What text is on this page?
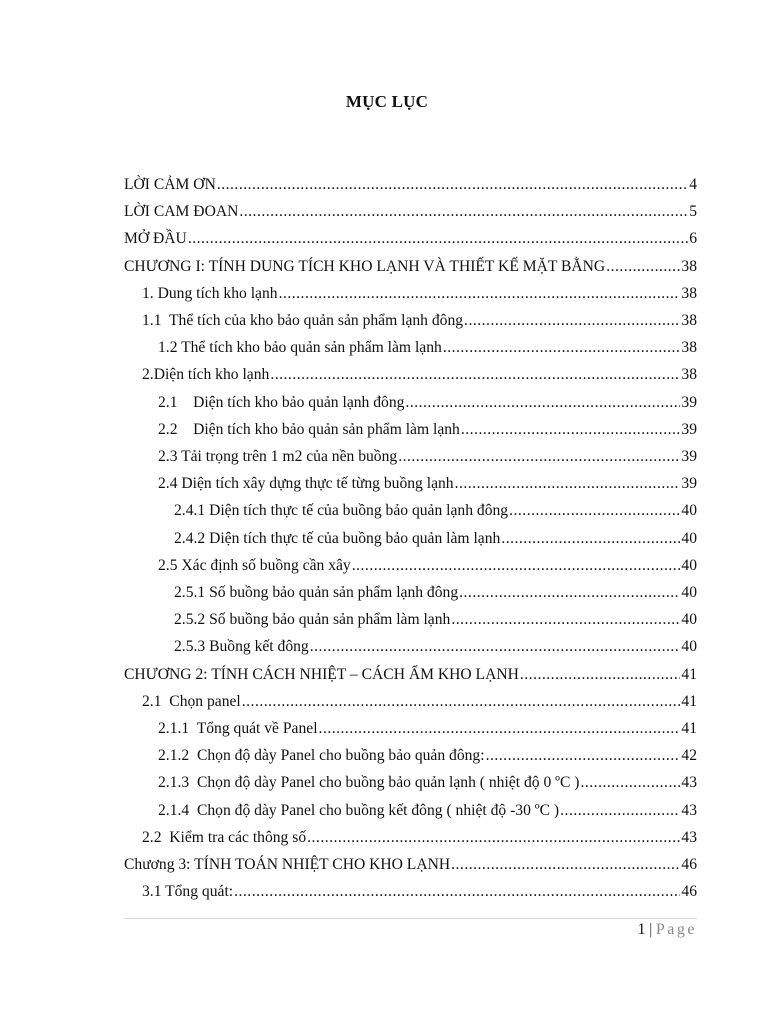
MỤC LỤC
LỜI CẢM ƠN .....	4
LỜI CAM ĐOAN .....	5
MỞ ĐẦU .....	6
CHƯƠNG I: TÍNH DUNG TÍCH KHO LẠNH VÀ THIẾT KẾ MẶT BẰNG .....	38
1. Dung tích kho lạnh .....	38
1.1  Thể tích của kho bảo quản sản phẩm lạnh đông .....	38
1.2 Thể tích kho bảo quản sản phẩm làm lạnh .....	38
2.Diện tích kho lạnh .....	38
2.1    Diện tích kho bảo quản lạnh đông .....	39
2.2    Diện tích kho bảo quản sản phẩm làm lạnh .....	39
2.3 Tải trọng trên 1 m2 của nền buồng .....	39
2.4 Diện tích xây dựng thực tế từng buồng lạnh .....	39
2.4.1 Diện tích thực tế của buồng bảo quản lạnh đông .....	40
2.4.2 Diện tích thực tế của buồng bảo quản làm lạnh .....	40
2.5 Xác định số buồng cần xây .....	40
2.5.1 Số buồng bảo quản sản phẩm lạnh đông .....	40
2.5.2 Số buồng bảo quản sản phẩm làm lạnh .....	40
2.5.3 Buồng kết đông .....	40
CHƯƠNG 2: TÍNH CÁCH NHIỆT – CÁCH ẨM KHO LẠNH .....	41
2.1  Chọn panel .....	41
2.1.1  Tổng quát về Panel .....	41
2.1.2  Chọn độ dày Panel cho buồng bảo quản đông: .....	42
2.1.3  Chọn độ dày Panel cho buồng bảo quản lạnh ( nhiệt độ 0 ºC ) .....	43
2.1.4  Chọn độ dày Panel cho buồng kết đông ( nhiệt độ -30 ºC ) .....	43
2.2  Kiểm tra các thông số .....	43
Chương 3: TÍNH TOÁN NHIỆT CHO KHO LẠNH .....	46
3.1 Tổng quát: .....	46
1 | Page
